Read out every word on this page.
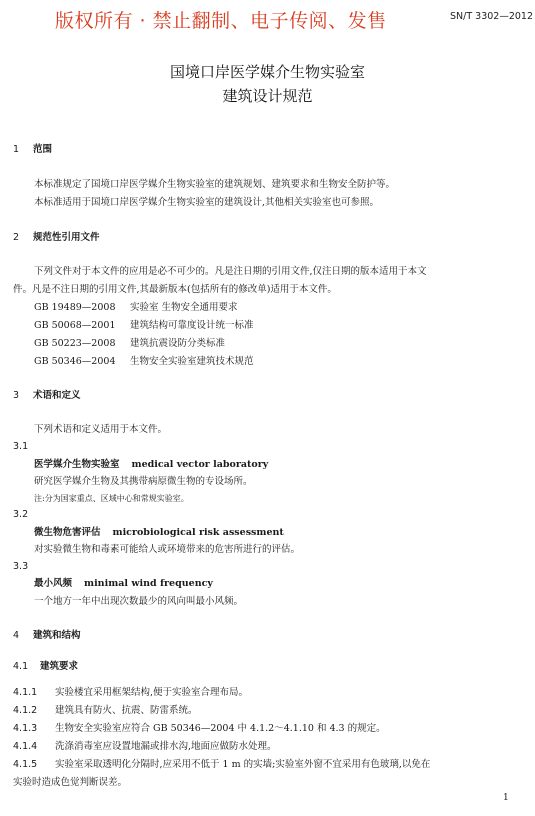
版权所有 · 禁止翻制、电子传阅、发售	SN/T 3302—2012
国境口岸医学媒介生物实验室
建筑设计规范
1 范围
本标准规定了国境口岸医学媒介生物实验室的建筑规划、建筑要求和生物安全防护等。
本标准适用于国境口岸医学媒介生物实验室的建筑设计,其他相关实验室也可参照。
2 规范性引用文件
下列文件对于本文件的应用是必不可少的。凡是注日期的引用文件,仅注日期的版本适用于本文
件。凡是不注日期的引用文件,其最新版本(包括所有的修改单)适用于本文件。
GB 19489—2008 实验室 生物安全通用要求
GB 50068—2001 建筑结构可靠度设计统一标准
GB 50223—2008 建筑抗震设防分类标准
GB 50346—2004 生物安全实验室建筑技术规范
3 术语和定义
下列术语和定义适用于本文件。
3.1
医学媒介生物实验室 medical vector laboratory
研究医学媒介生物及其携带病原微生物的专设场所。
注:分为国家重点、区域中心和常规实验室。
3.2
微生物危害评估 microbiological risk assessment
对实验微生物和毒素可能给人或环境带来的危害所进行的评估。
3.3
最小风频 minimal wind frequency
一个地方一年中出现次数最少的风向叫最小风频。
4 建筑和结构
4.1 建筑要求
4.1.1 实验楼宜采用框架结构,便于实验室合理布局。
4.1.2 建筑具有防火、抗震、防雷系统。
4.1.3 生物安全实验室应符合 GB 50346—2004 中 4.1.2～4.1.10 和 4.3 的规定。
4.1.4 洗涤消毒室应设置地漏或排水沟,地面应做防水处理。
4.1.5 实验室采取透明化分隔时,应采用不低于 1 m 的实墙;实验室外窗不宜采用有色玻璃,以免在
实验时造成色觉判断误差。
1
